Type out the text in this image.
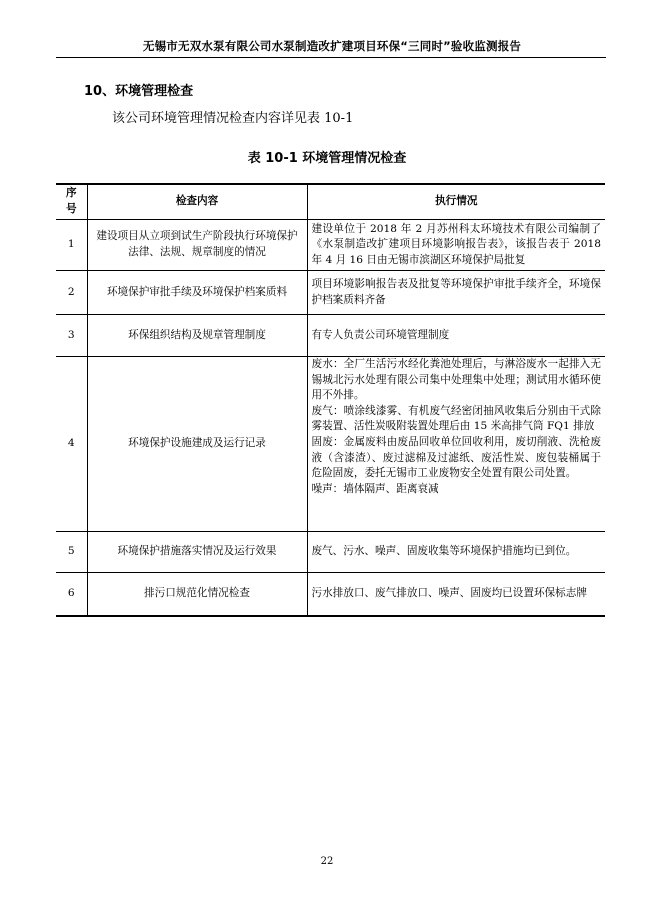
无锡市无双水泵有限公司水泵制造改扩建项目环保“三同时”验收监测报告
10、环境管理检查
该公司环境管理情况检查内容详见表 10-1
表 10-1 环境管理情况检查
序号	检查内容	执行情况
1	建设项目从立项到试生产阶段执行环境保护法律、法规、规章制度的情况	建设单位于 2018 年 2 月苏州科太环境技术有限公司编制了《水泵制造改扩建项目环境影响报告表》，该报告表于 2018 年 4 月 16 日由无锡市滨湖区环境保护局批复
2	环境保护审批手续及环境保护档案质料	项目环境影响报告表及批复等环境保护审批手续齐全，环境保护档案质料齐备
3	环保组织结构及规章管理制度	有专人负责公司环境管理制度
4	环境保护设施建成及运行记录	废水：全厂生活污水经化粪池处理后，与淋浴废水一起排入无锡城北污水处理有限公司集中处理集中处理；测试用水循环使用不外排。

废气：喷涂线漆雾、有机废气经密闭抽风收集后分别由干式除雾装置、活性炭吸附装置处理后由 15 米高排气筒 FQ1 排放

固废：金属废料由废品回收单位回收利用，废切削液、洗枪废液（含漆渣）、废过滤棉及过滤纸、废活性炭、废包装桶属于危险固废，委托无锡市工业废物安全处置有限公司处置。

噪声：墙体隔声、距离衰减

5	环境保护措施落实情况及运行效果	废气、污水、噪声、固废收集等环境保护措施均已到位。
6	排污口规范化情况检查	污水排放口、废气排放口、噪声、固废均已设置环保标志牌
22
